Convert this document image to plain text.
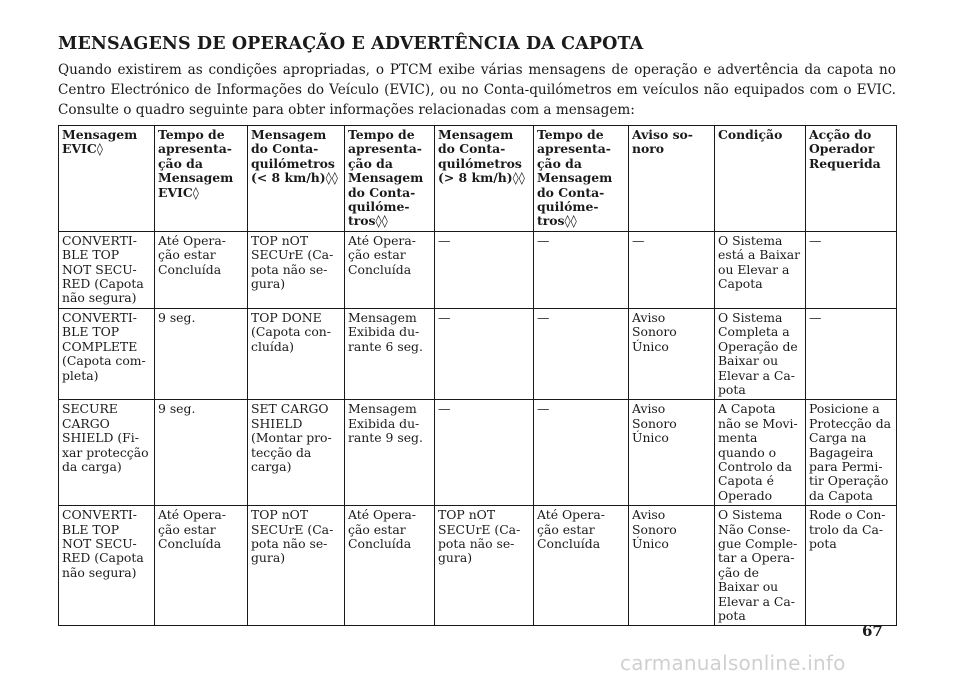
MENSAGENS DE OPERAÇÃO E ADVERTÊNCIA DA CAPOTA

Quando existirem as condições apropriadas, o PTCM exibe várias mensagens de operação e advertência da capota no Centro Electrónico de Informações do Veículo (EVIC), ou no Conta-quilómetros em veículos não equipados com o EVIC. Consulte o quadro seguinte para obter informações relacionadas com a mensagem:

Mensagem EVIC◊	Tempo de apresenta-ção da Mensagem EVIC◊	Mensagem do Conta-quilómetros (< 8 km/h)◊◊	Tempo de apresenta-ção da Mensagem do Conta-quilóme-tros◊◊	Mensagem do Conta-quilómetros (> 8 km/h)◊◊	Tempo de apresenta-ção da Mensagem do Conta-quilóme-tros◊◊	Aviso so-noro	Condição	Acção do Operador Requerida
CONVERTI-BLE TOP NOT SECU-RED (Capota não segura)	Até Opera-ção estar Concluída	TOP nOT SECUrE (Ca-pota não se-gura)	Até Opera-ção estar Concluída	—	—	—	O Sistema está a Baixar ou Elevar a Capota	—
CONVERTI-BLE TOP COMPLETE (Capota com-pleta)	9 seg.	TOP DONE (Capota con-cluída)	Mensagem Exibida du-rante 6 seg.	—	—	Aviso Sonoro Único	O Sistema Completa a Operação de Baixar ou Elevar a Ca-pota	—
SECURE CARGO SHIELD (Fi-xar protecção da carga)	9 seg.	SET CARGO SHIELD (Montar pro-tecção da carga)	Mensagem Exibida du-rante 9 seg.	—	—	Aviso Sonoro Único	A Capota não se Movi-menta quando o Controlo da Capota é Operado	Posicione a Protecção da Carga na Bagageira para Permi-tir Operação da Capota
CONVERTI-BLE TOP NOT SECU-RED (Capota não segura)	Até Opera-ção estar Concluída	TOP nOT SECUrE (Ca-pota não se-gura)	Até Opera-ção estar Concluída	TOP nOT SECUrE (Ca-pota não se-gura)	Até Opera-ção estar Concluída	Aviso Sonoro Único	O Sistema Não Conse-gue Comple-tar a Opera-ção de Baixar ou Elevar a Ca-pota	Rode o Con-trolo da Ca-pota
67
carmanualsonline.info
